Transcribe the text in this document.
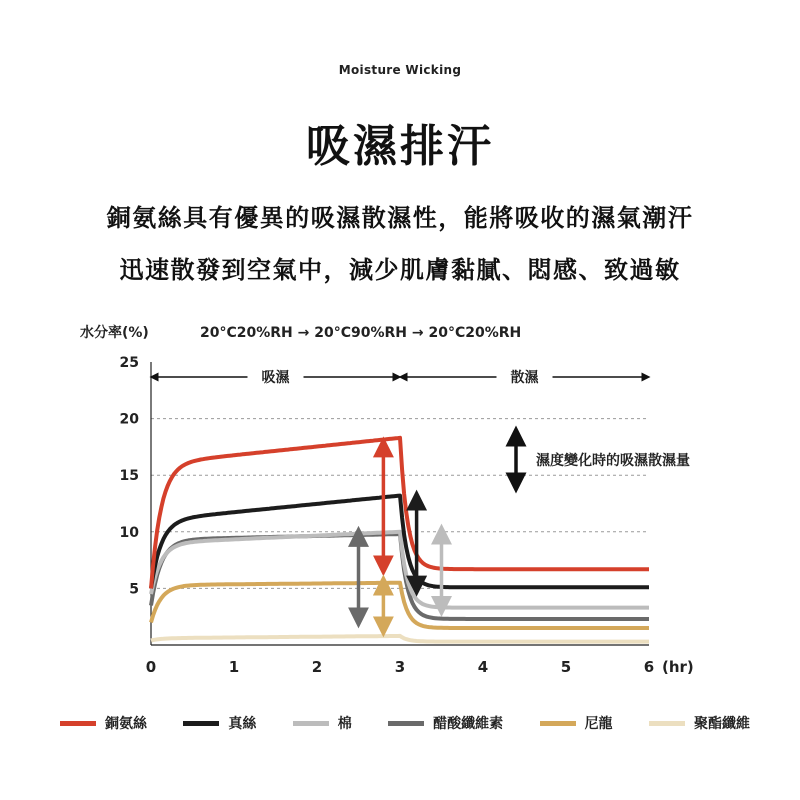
Moisture Wicking
吸濕排汗
銅氨絲具有優異的吸濕散濕性，能將吸收的濕氣潮汗
迅速散發到空氣中，減少肌膚黏膩、悶感、致過敏
5
10
15
20
25
0	1	2	3	4	5	6 (hr)
水分率(%)	20°C20%RH → 20°C90%RH → 20°C20%RH
吸濕	散濕
濕度變化時的吸濕散濕量
銅氨絲	真絲	棉	醋酸纖維素	尼龍	聚酯纖維
